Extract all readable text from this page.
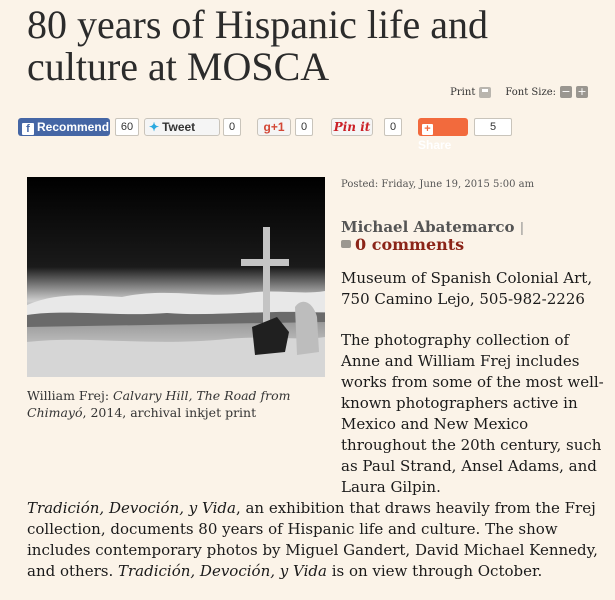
80 years of Hispanic life and culture at MOSCA
Print	Font Size: − +
f Recommend	60	✦ Tweet	0	g+1	0	Pin it	0	+Share
5
William Frej: Calvary Hill, The Road from Chimayó, 2014, archival inkjet print
Posted: Friday, June 19, 2015 5:00 am
Michael Abatemarco |
0 comments
Museum of Spanish Colonial Art, 750 Camino Lejo, 505-982-2226
The photography collection of Anne and William Frej includes works from some of the most well-known photographers active in Mexico and New Mexico throughout the 20th century, such as Paul Strand, Ansel Adams, and Laura Gilpin.
Tradición, Devoción, y Vida, an exhibition that draws heavily from the Frej collection, documents 80 years of Hispanic life and culture. The show includes contemporary photos by Miguel Gandert, David Michael Kennedy, and others. Tradición, Devoción, y Vida is on view through October.
